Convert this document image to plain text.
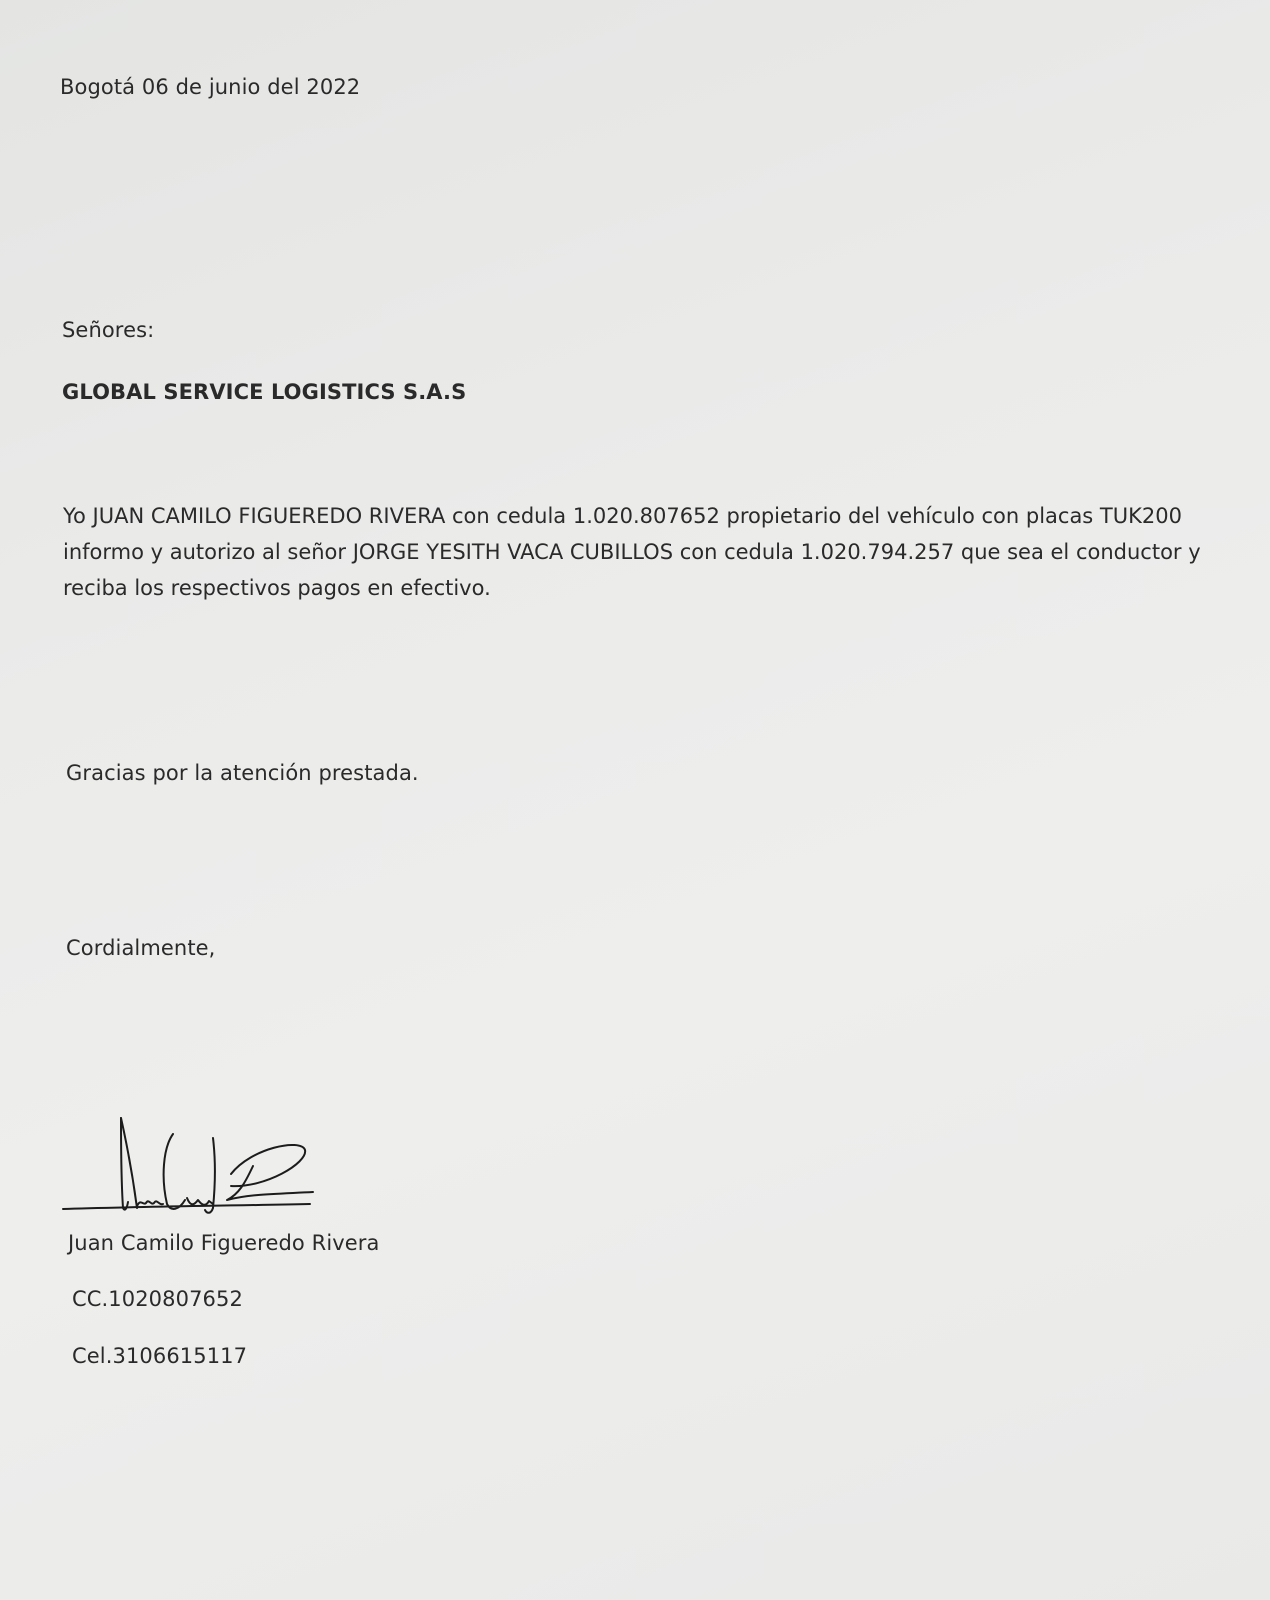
Bogotá 06 de junio del 2022
Señores:
GLOBAL SERVICE LOGISTICS S.A.S
Yo JUAN CAMILO FIGUEREDO RIVERA con cedula 1.020.807652 propietario del vehículo con placas TUK200 informo y autorizo al señor JORGE YESITH VACA CUBILLOS con cedula 1.020.794.257 que sea el conductor y reciba los respectivos pagos en efectivo.
Gracias por la atención prestada.
Cordialmente,
Juan Camilo Figueredo Rivera
CC.1020807652
Cel.3106615117
